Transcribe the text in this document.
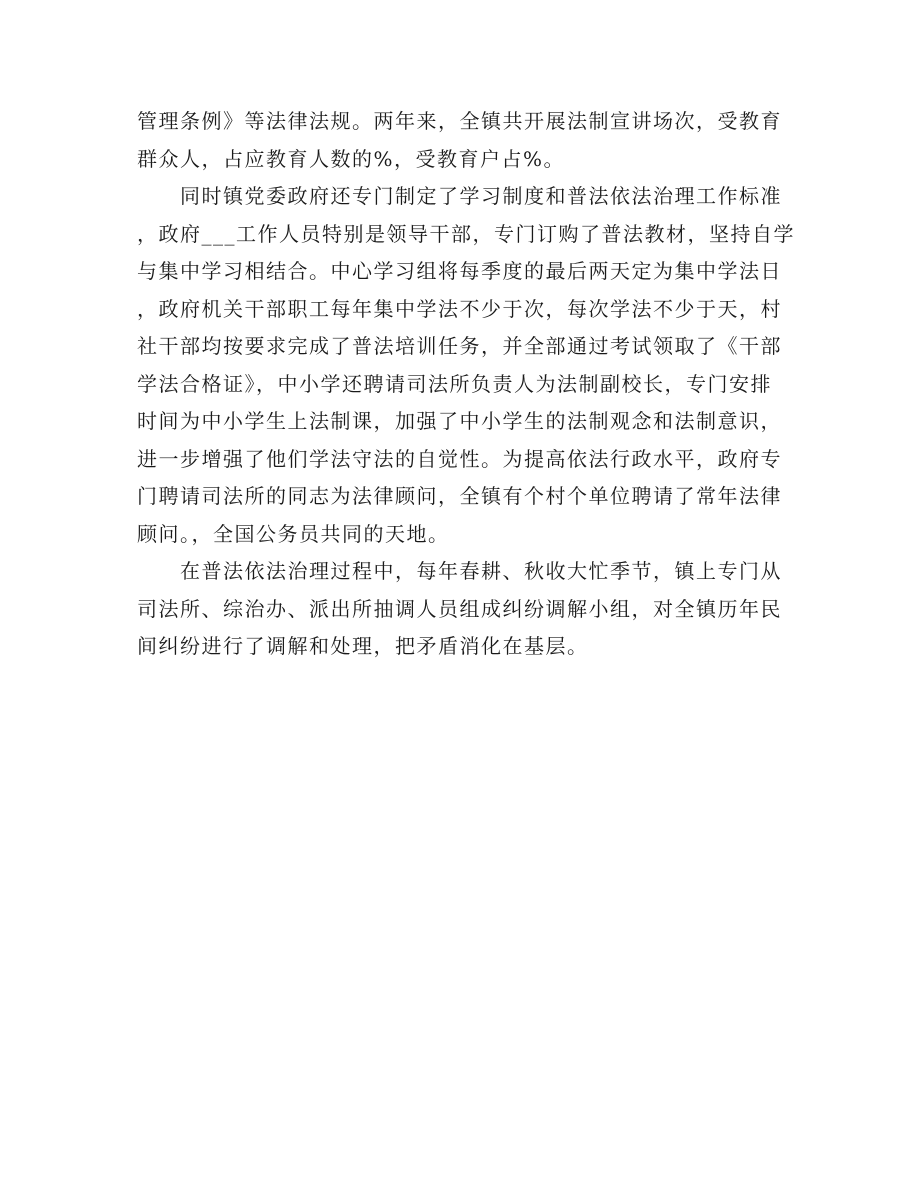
管理条例》等法律法规。两年来，全镇共开展法制宣讲场次，受教育
群众人，占应教育人数的%，受教育户占%。
　　同时镇党委政府还专门制定了学习制度和普法依法治理工作标准
，政府___工作人员特别是领导干部，专门订购了普法教材，坚持自学
与集中学习相结合。中心学习组将每季度的最后两天定为集中学法日
，政府机关干部职工每年集中学法不少于次，每次学法不少于天，村
社干部均按要求完成了普法培训任务，并全部通过考试领取了《干部
学法合格证》，中小学还聘请司法所负责人为法制副校长，专门安排
时间为中小学生上法制课，加强了中小学生的法制观念和法制意识，
进一步增强了他们学法守法的自觉性。为提高依法行政水平，政府专
门聘请司法所的同志为法律顾问，全镇有个村个单位聘请了常年法律
顾问。，全国公务员共同的天地。
　　在普法依法治理过程中，每年春耕、秋收大忙季节，镇上专门从
司法所、综治办、派出所抽调人员组成纠纷调解小组，对全镇历年民
间纠纷进行了调解和处理，把矛盾消化在基层。
